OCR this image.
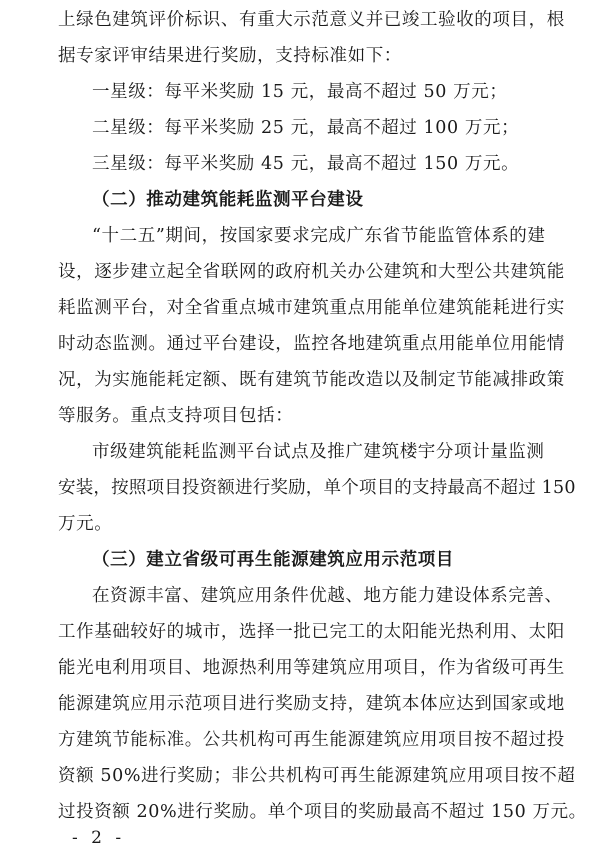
上绿色建筑评价标识、有重大示范意义并已竣工验收的项目，根
据专家评审结果进行奖励，支持标准如下：
一星级：每平米奖励 15 元，最高不超过 50 万元；
二星级：每平米奖励 25 元，最高不超过 100 万元；
三星级：每平米奖励 45 元，最高不超过 150 万元。
（二）推动建筑能耗监测平台建设
“十二五”期间，按国家要求完成广东省节能监管体系的建
设，逐步建立起全省联网的政府机关办公建筑和大型公共建筑能
耗监测平台，对全省重点城市建筑重点用能单位建筑能耗进行实
时动态监测。通过平台建设，监控各地建筑重点用能单位用能情
况，为实施能耗定额、既有建筑节能改造以及制定节能减排政策
等服务。重点支持项目包括：
市级建筑能耗监测平台试点及推广建筑楼宇分项计量监测
安装，按照项目投资额进行奖励，单个项目的支持最高不超过 150
万元。
（三）建立省级可再生能源建筑应用示范项目
在资源丰富、建筑应用条件优越、地方能力建设体系完善、
工作基础较好的城市，选择一批已完工的太阳能光热利用、太阳
能光电利用项目、地源热利用等建筑应用项目，作为省级可再生
能源建筑应用示范项目进行奖励支持，建筑本体应达到国家或地
方建筑节能标准。公共机构可再生能源建筑应用项目按不超过投
资额 50%进行奖励；非公共机构可再生能源建筑应用项目按不超
过投资额 20%进行奖励。单个项目的奖励最高不超过 150 万元。
- 2 -
